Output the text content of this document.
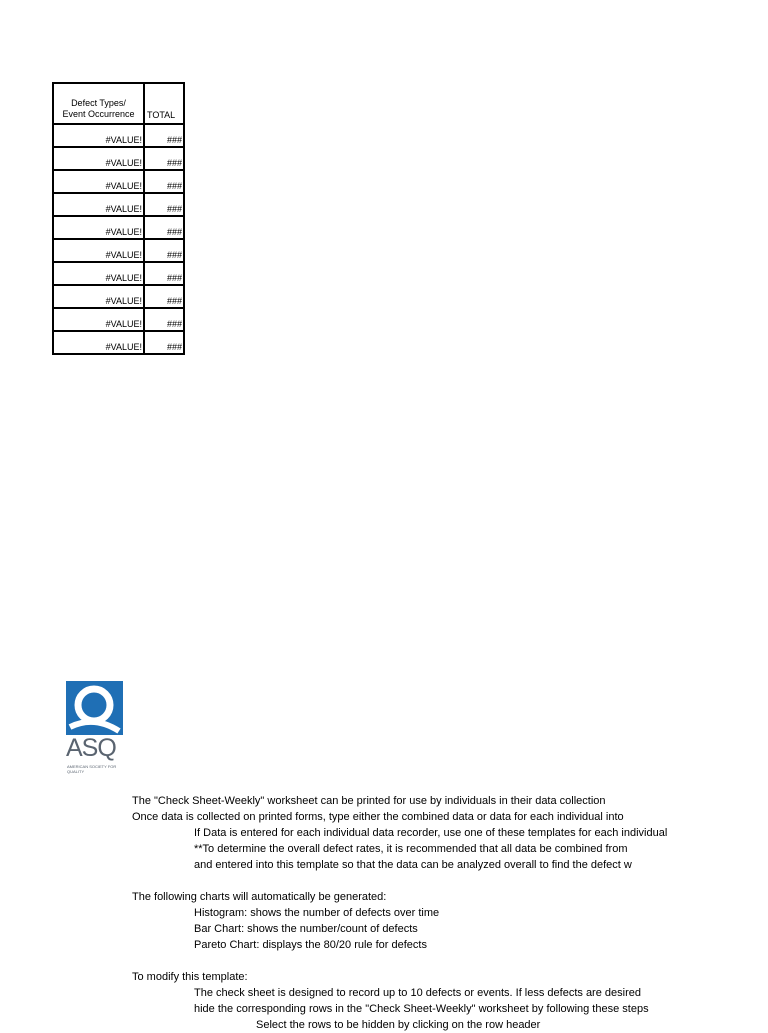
Defect Types/
Event Occurrence	TOTAL
#VALUE!	###
#VALUE!	###
#VALUE!	###
#VALUE!	###
#VALUE!	###
#VALUE!	###
#VALUE!	###
#VALUE!	###
#VALUE!	###
#VALUE!	###
ASQ
AMERICAN SOCIETY FOR QUALITY
The "Check Sheet-Weekly" worksheet can be printed for use by individuals in their data collection
Once data is collected on printed forms, type either the combined data or data for each individual into
If Data is entered for each individual data recorder, use one of these templates for each individual
**To determine the overall defect rates, it is recommended that all data be combined from
and entered into this template so that the data can be analyzed overall to find the defect w
The following charts will automatically be generated:
Histogram: shows the number of defects over time
Bar Chart: shows the number/count of defects
Pareto Chart: displays the 80/20 rule for defects
To modify this template:
The check sheet is designed to record up to 10 defects or events. If less defects are desired
hide the corresponding rows in the "Check Sheet-Weekly" worksheet by following these steps
Select the rows to be hidden by clicking on the row header
